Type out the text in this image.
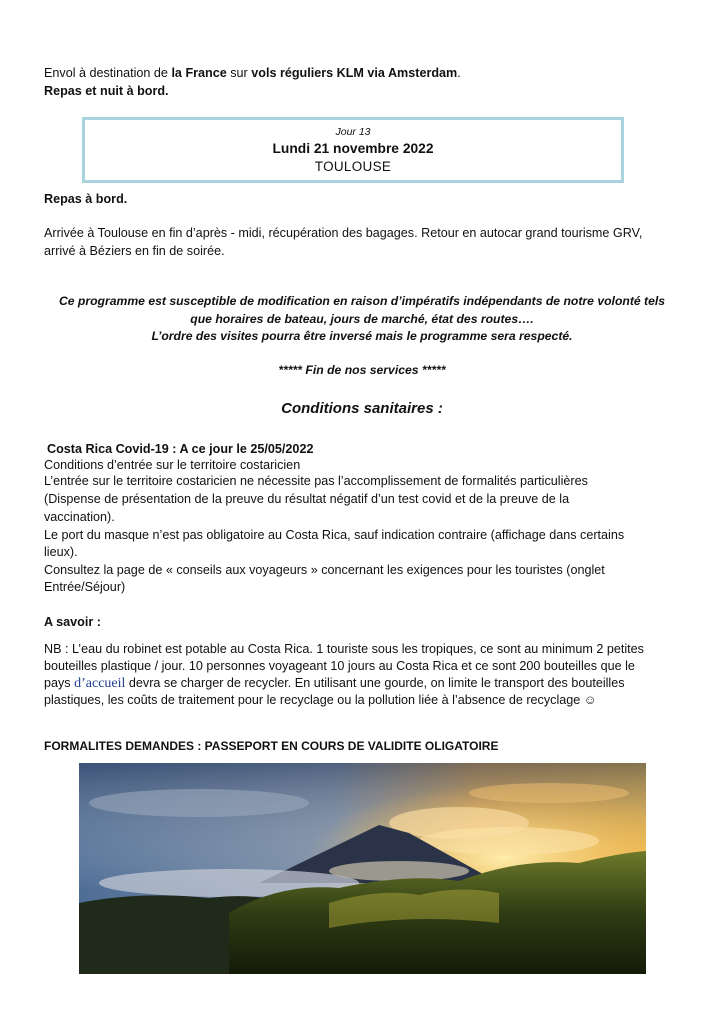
Envol à destination de la France sur vols réguliers KLM via Amsterdam.
Repas et nuit à bord.
Jour 13
Lundi 21 novembre 2022
TOULOUSE
Repas à bord.
Arrivée à Toulouse en fin d’après - midi, récupération des bagages. Retour en autocar grand tourisme GRV,
arrivé à Béziers en fin de soirée.
Ce programme est susceptible de modification en raison d’impératifs indépendants de notre volonté tels
que horaires de bateau, jours de marché, état des routes….
L’ordre des visites pourra être inversé mais le programme sera respecté.
***** Fin de nos services *****
Conditions sanitaires :
Costa Rica Covid-19 : A ce jour le 25/05/2022
Conditions d’entrée sur le territoire costaricien
L’entrée sur le territoire costaricien ne nécessite pas l’accomplissement de formalités particulières
(Dispense de présentation de la preuve du résultat négatif d’un test covid et de la preuve de la
vaccination).
Le port du masque n’est pas obligatoire au Costa Rica, sauf indication contraire (affichage dans certains
lieux).
Consultez la page de « conseils aux voyageurs » concernant les exigences pour les touristes (onglet
Entrée/Séjour)
A savoir :
NB : L’eau du robinet est potable au Costa Rica. 1 touriste sous les tropiques, ce sont au minimum 2 petites
bouteilles plastique / jour. 10 personnes voyageant 10 jours au Costa Rica et ce sont 200 bouteilles que le
pays d’accueil devra se charger de recycler. En utilisant une gourde, on limite le transport des bouteilles
plastiques, les coûts de traitement pour le recyclage ou la pollution liée à l’absence de recyclage ☺
FORMALITES DEMANDES : PASSEPORT EN COURS DE VALIDITE OLIGATOIRE
